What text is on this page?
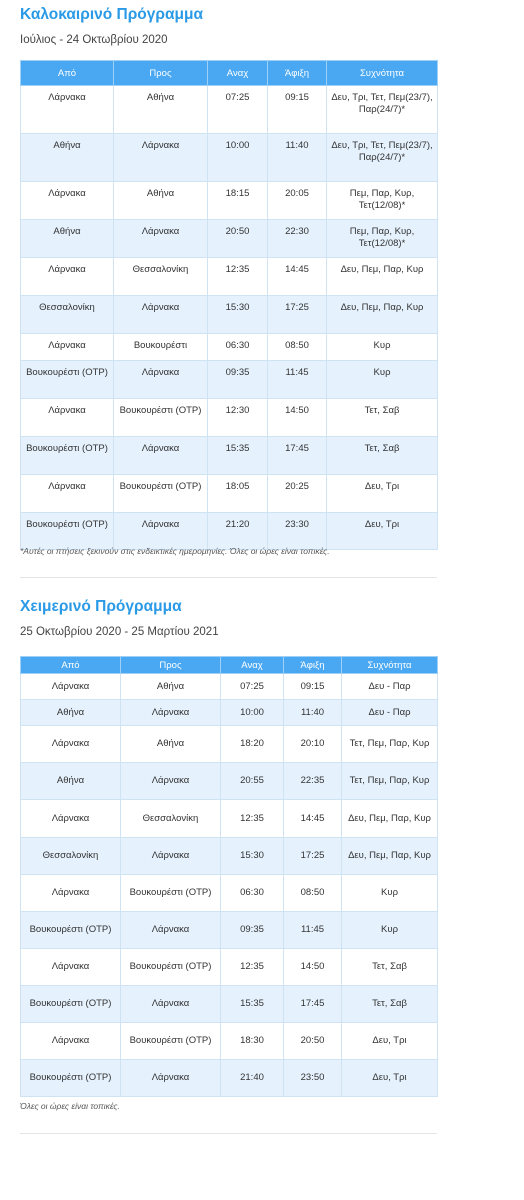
Καλοκαιρινό Πρόγραμμα
Ιούλιος - 24 Οκτωβρίου 2020
Από	Προς	Αναχ	Άφιξη	Συχνότητα
Λάρνακα	Αθήνα	07:25	09:15	Δευ, Τρι, Τετ, Πεμ(23/7), Παρ(24/7)*
Αθήνα	Λάρνακα	10:00	11:40	Δευ, Τρι, Τετ, Πεμ(23/7), Παρ(24/7)*
Λάρνακα	Αθήνα	18:15	20:05	Πεμ, Παρ, Κυρ, Τετ(12/08)*
Αθήνα	Λάρνακα	20:50	22:30	Πεμ, Παρ, Κυρ, Τετ(12/08)*
Λάρνακα	Θεσσαλονίκη	12:35	14:45	Δευ, Πεμ, Παρ, Κυρ
Θεσσαλονίκη	Λάρνακα	15:30	17:25	Δευ, Πεμ, Παρ, Κυρ
Λάρνακα	Βουκουρέστι	06:30	08:50	Κυρ
Βουκουρέστι (OTP)	Λάρνακα	09:35	11:45	Κυρ
Λάρνακα	Βουκουρέστι (OTP)	12:30	14:50	Τετ, Σαβ
Βουκουρέστι (OTP)	Λάρνακα	15:35	17:45	Τετ, Σαβ
Λάρνακα	Βουκουρέστι (OTP)	18:05	20:25	Δευ, Τρι
Βουκουρέστι (OTP)	Λάρνακα	21:20	23:30	Δευ, Τρι
*Αυτές οι πτήσεις ξεκινούν στις ενδεικτικές ημερομηνίες. Όλες οι ώρες είναι τοπικές.
Χειμερινό Πρόγραμμα
25 Οκτωβρίου 2020 - 25 Μαρτίου 2021
Από	Προς	Αναχ	Άφιξη	Συχνότητα
Λάρνακα	Αθήνα	07:25	09:15	Δευ - Παρ
Αθήνα	Λάρνακα	10:00	11:40	Δευ - Παρ
Λάρνακα	Αθήνα	18:20	20:10	Τετ, Πεμ, Παρ, Κυρ
Αθήνα	Λάρνακα	20:55	22:35	Τετ, Πεμ, Παρ, Κυρ
Λάρνακα	Θεσσαλονίκη	12:35	14:45	Δευ, Πεμ, Παρ, Κυρ
Θεσσαλονίκη	Λάρνακα	15:30	17:25	Δευ, Πεμ, Παρ, Κυρ
Λάρνακα	Βουκουρέστι (OTP)	06:30	08:50	Κυρ
Βουκουρέστι (OTP)	Λάρνακα	09:35	11:45	Κυρ
Λάρνακα	Βουκουρέστι (OTP)	12:35	14:50	Τετ, Σαβ
Βουκουρέστι (OTP)	Λάρνακα	15:35	17:45	Τετ, Σαβ
Λάρνακα	Βουκουρέστι (OTP)	18:30	20:50	Δευ, Τρι
Βουκουρέστι (OTP)	Λάρνακα	21:40	23:50	Δευ, Τρι
Όλες οι ώρες είναι τοπικές.
